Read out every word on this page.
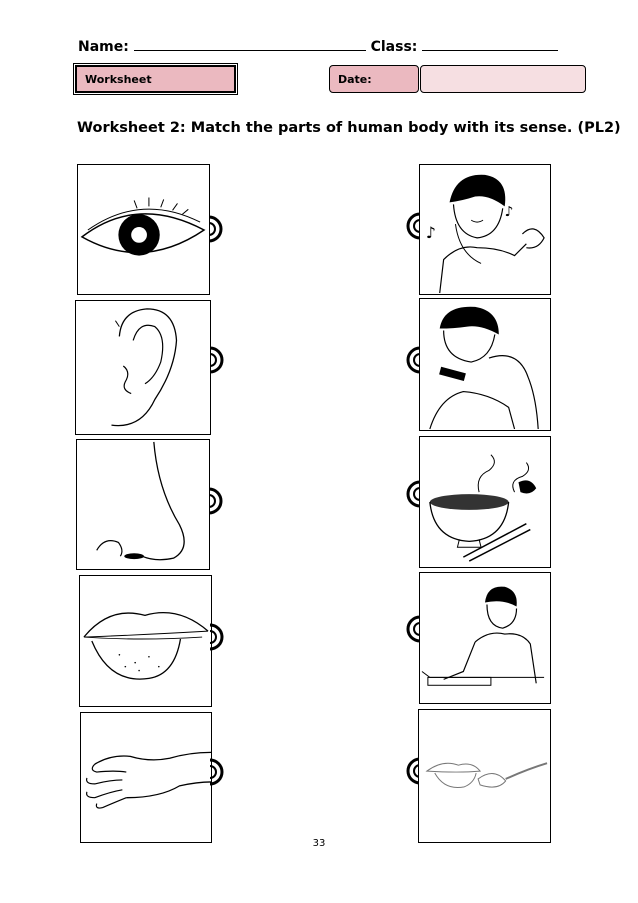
Name:	Class:
Worksheet	Date:
Worksheet 2: Match the parts of human body with its sense. (PL2)
♪
♪
33
